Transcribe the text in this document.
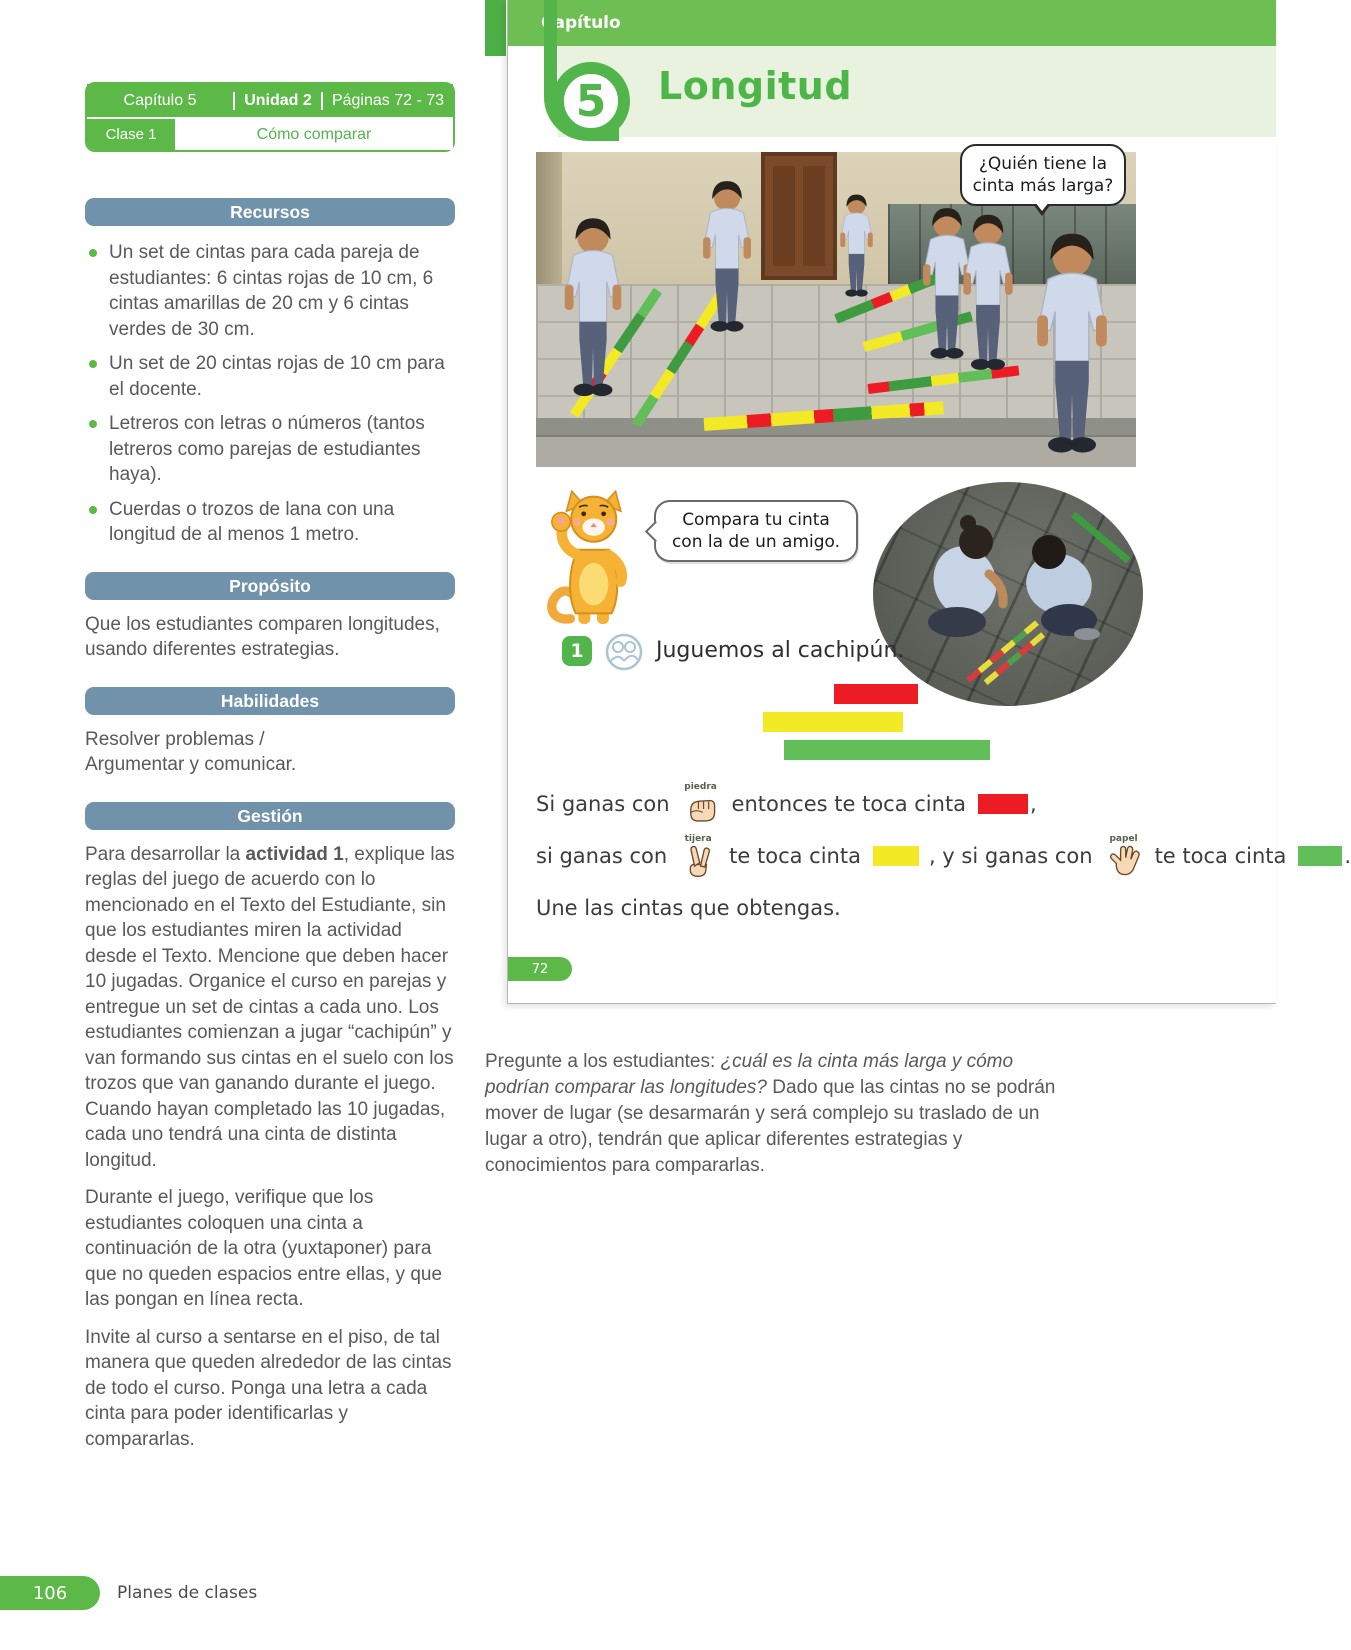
Capítulo 5	Unidad 2	Páginas 72 - 73
Clase 1	Cómo comparar
Recursos
Un set de cintas para cada pareja de estudiantes: 6 cintas rojas de 10 cm, 6 cintas amarillas de 20 cm y 6 cintas verdes de 30 cm.
Un set de 20 cintas rojas de 10 cm para el docente.
Letreros con letras o números (tantos letreros como parejas de estudiantes haya).
Cuerdas o trozos de lana con una longitud de al menos 1 metro.
Propósito

Que los estudiantes comparen longitudes, usando diferentes estrategias.

Habilidades

Resolver problemas /
Argumentar y comunicar.

Gestión

Para desarrollar la actividad 1, explique las reglas del juego de acuerdo con lo mencionado en el Texto del Estudiante, sin que los estudiantes miren la actividad desde el Texto. Mencione que deben hacer 10 jugadas. Organice el curso en parejas y entregue un set de cintas a cada uno. Los estudiantes comienzan a jugar “cachipún” y van formando sus cintas en el suelo con los trozos que van ganando durante el juego. Cuando hayan completado las 10 jugadas, cada uno tendrá una cinta de distinta longitud.

Durante el juego, verifique que los estudiantes coloquen una cinta a continuación de la otra (yuxtaponer) para que no queden espacios entre ellas, y que las pongan en línea recta.

Invite al curso a sentarse en el piso, de tal manera que queden alrededor de las cintas de todo el curso. Ponga una letra a cada cinta para poder identificarlas y compararlas.

Capítulo
5 Longitud
¿Quién tiene la
cinta más larga?
Compara tu cinta
con la de un amigo.
1	Juguemos al cachipún.
Si ganas con
piedra
entonces te toca cinta	,
si ganas con
tijera
te toca cinta	, y si ganas con
papel
te toca cinta	.
Une las cintas que obtengas.
72

Pregunte a los estudiantes: ¿cuál es la cinta más larga y cómo podrían comparar las longitudes? Dado que las cintas no se podrán mover de lugar (se desarmarán y será complejo su traslado de un lugar a otro), tendrán que aplicar diferentes estrategias y conocimientos para compararlas.

106	Planes de clases
